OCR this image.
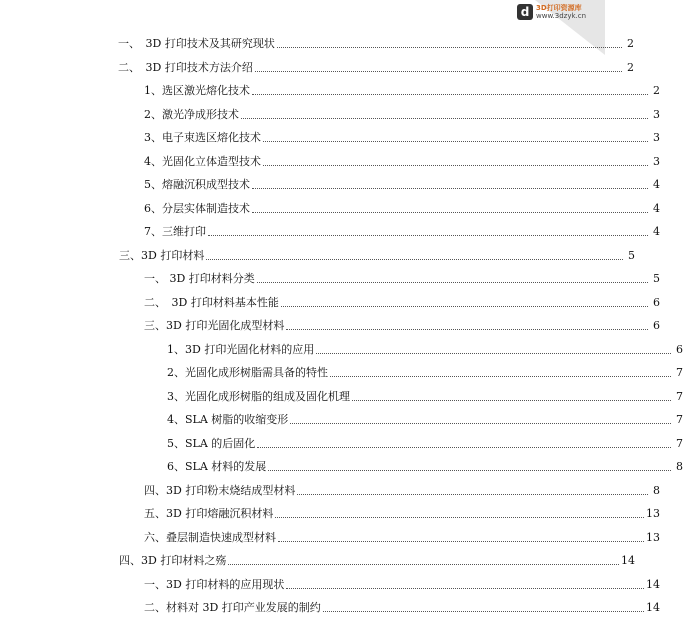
d 3D打印资源库
www.3dzyk.cn
一、　3D 打印技术及其研究现状	2
二、　3D 打印技术方法介绍	2
1、选区激光熔化技术	2
2、激光净成形技术	3
3、电子束选区熔化技术	3
4、光固化立体造型技术	3
5、熔融沉积成型技术	4
6、分层实体制造技术	4
7、三维打印	4
三、3D 打印材料	5
一、 3D 打印材料分类	5
二、　3D 打印材料基本性能	6
三、3D 打印光固化成型材料	6
1、3D 打印光固化材料的应用	6
2、光固化成形树脂需具备的特性	7
3、光固化成形树脂的组成及固化机理	7
4、SLA 树脂的收缩变形	7
5、SLA 的后固化	7
6、SLA 材料的发展	8
四、3D 打印粉末烧结成型材料	8
五、3D 打印熔融沉积材料	13
六、叠层制造快速成型材料	13
四、3D 打印材料之殇	14
一、3D 打印材料的应用现状	14
二、材料对 3D 打印产业发展的制约	14
